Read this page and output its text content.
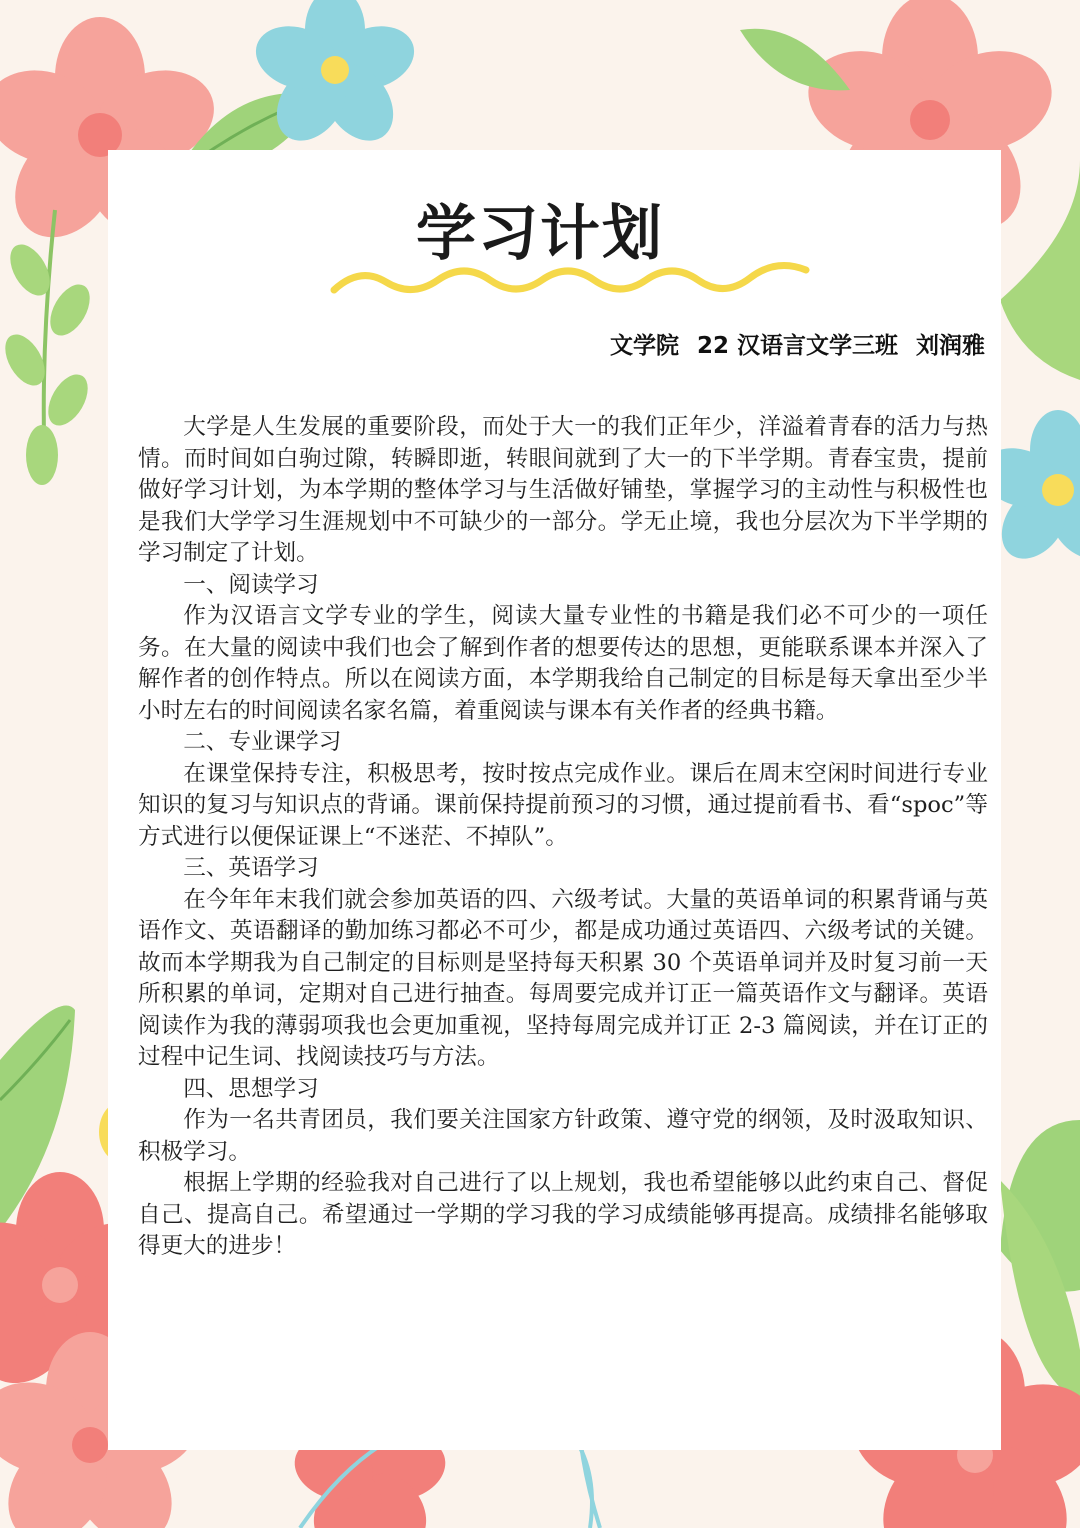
学习计划
文学院 22 汉语言文学三班 刘润雅

大学是人生发展的重要阶段，而处于大一的我们正年少，洋溢着青春的活力与热情。而时间如白驹过隙，转瞬即逝，转眼间就到了大一的下半学期。青春宝贵，提前做好学习计划，为本学期的整体学习与生活做好铺垫，掌握学习的主动性与积极性也是我们大学学习生涯规划中不可缺少的一部分。学无止境，我也分层次为下半学期的学习制定了计划。

一、阅读学习

作为汉语言文学专业的学生，阅读大量专业性的书籍是我们必不可少的一项任务。在大量的阅读中我们也会了解到作者的想要传达的思想，更能联系课本并深入了解作者的创作特点。所以在阅读方面，本学期我给自己制定的目标是每天拿出至少半小时左右的时间阅读名家名篇，着重阅读与课本有关作者的经典书籍。

二、专业课学习

在课堂保持专注，积极思考，按时按点完成作业。课后在周末空闲时间进行专业知识的复习与知识点的背诵。课前保持提前预习的习惯，通过提前看书、看“spoc”等方式进行以便保证课上“不迷茫、不掉队”。

三、英语学习

在今年年末我们就会参加英语的四、六级考试。大量的英语单词的积累背诵与英语作文、英语翻译的勤加练习都必不可少，都是成功通过英语四、六级考试的关键。故而本学期我为自己制定的目标则是坚持每天积累 30 个英语单词并及时复习前一天所积累的单词，定期对自己进行抽查。每周要完成并订正一篇英语作文与翻译。英语阅读作为我的薄弱项我也会更加重视，坚持每周完成并订正 2-3 篇阅读，并在订正的过程中记生词、找阅读技巧与方法。

四、思想学习

作为一名共青团员，我们要关注国家方针政策、遵守党的纲领，及时汲取知识、积极学习。

根据上学期的经验我对自己进行了以上规划，我也希望能够以此约束自己、督促自己、提高自己。希望通过一学期的学习我的学习成绩能够再提高。成绩排名能够取得更大的进步！
